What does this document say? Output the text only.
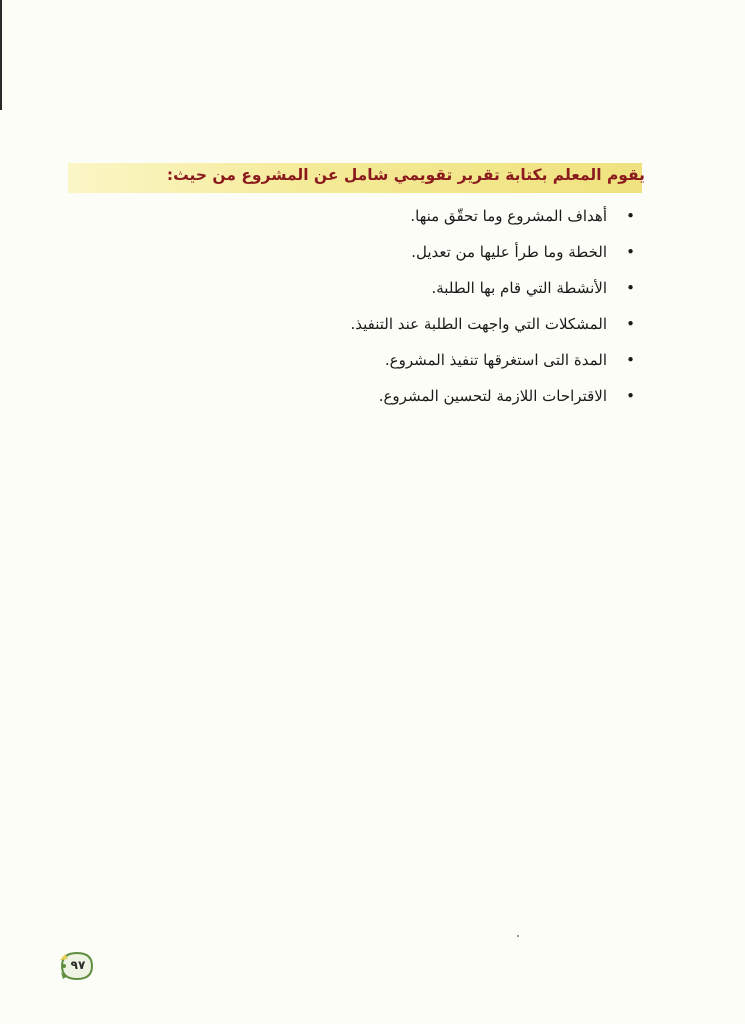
يقوم المعلم بكتابة تقرير تقويمي شامل عن المشروع من حيث:
•
أهداف المشروع وما تحقّق منها.
•
الخطة وما طرأ عليها من تعديل.
•
الأنشطة التي قام بها الطلبة.
•
المشكلات التي واجهت الطلبة عند التنفيذ.
•
المدة التى استغرقها تنفيذ المشروع.
•
الاقتراحات اللازمة لتحسين المشروع.
٩٧
